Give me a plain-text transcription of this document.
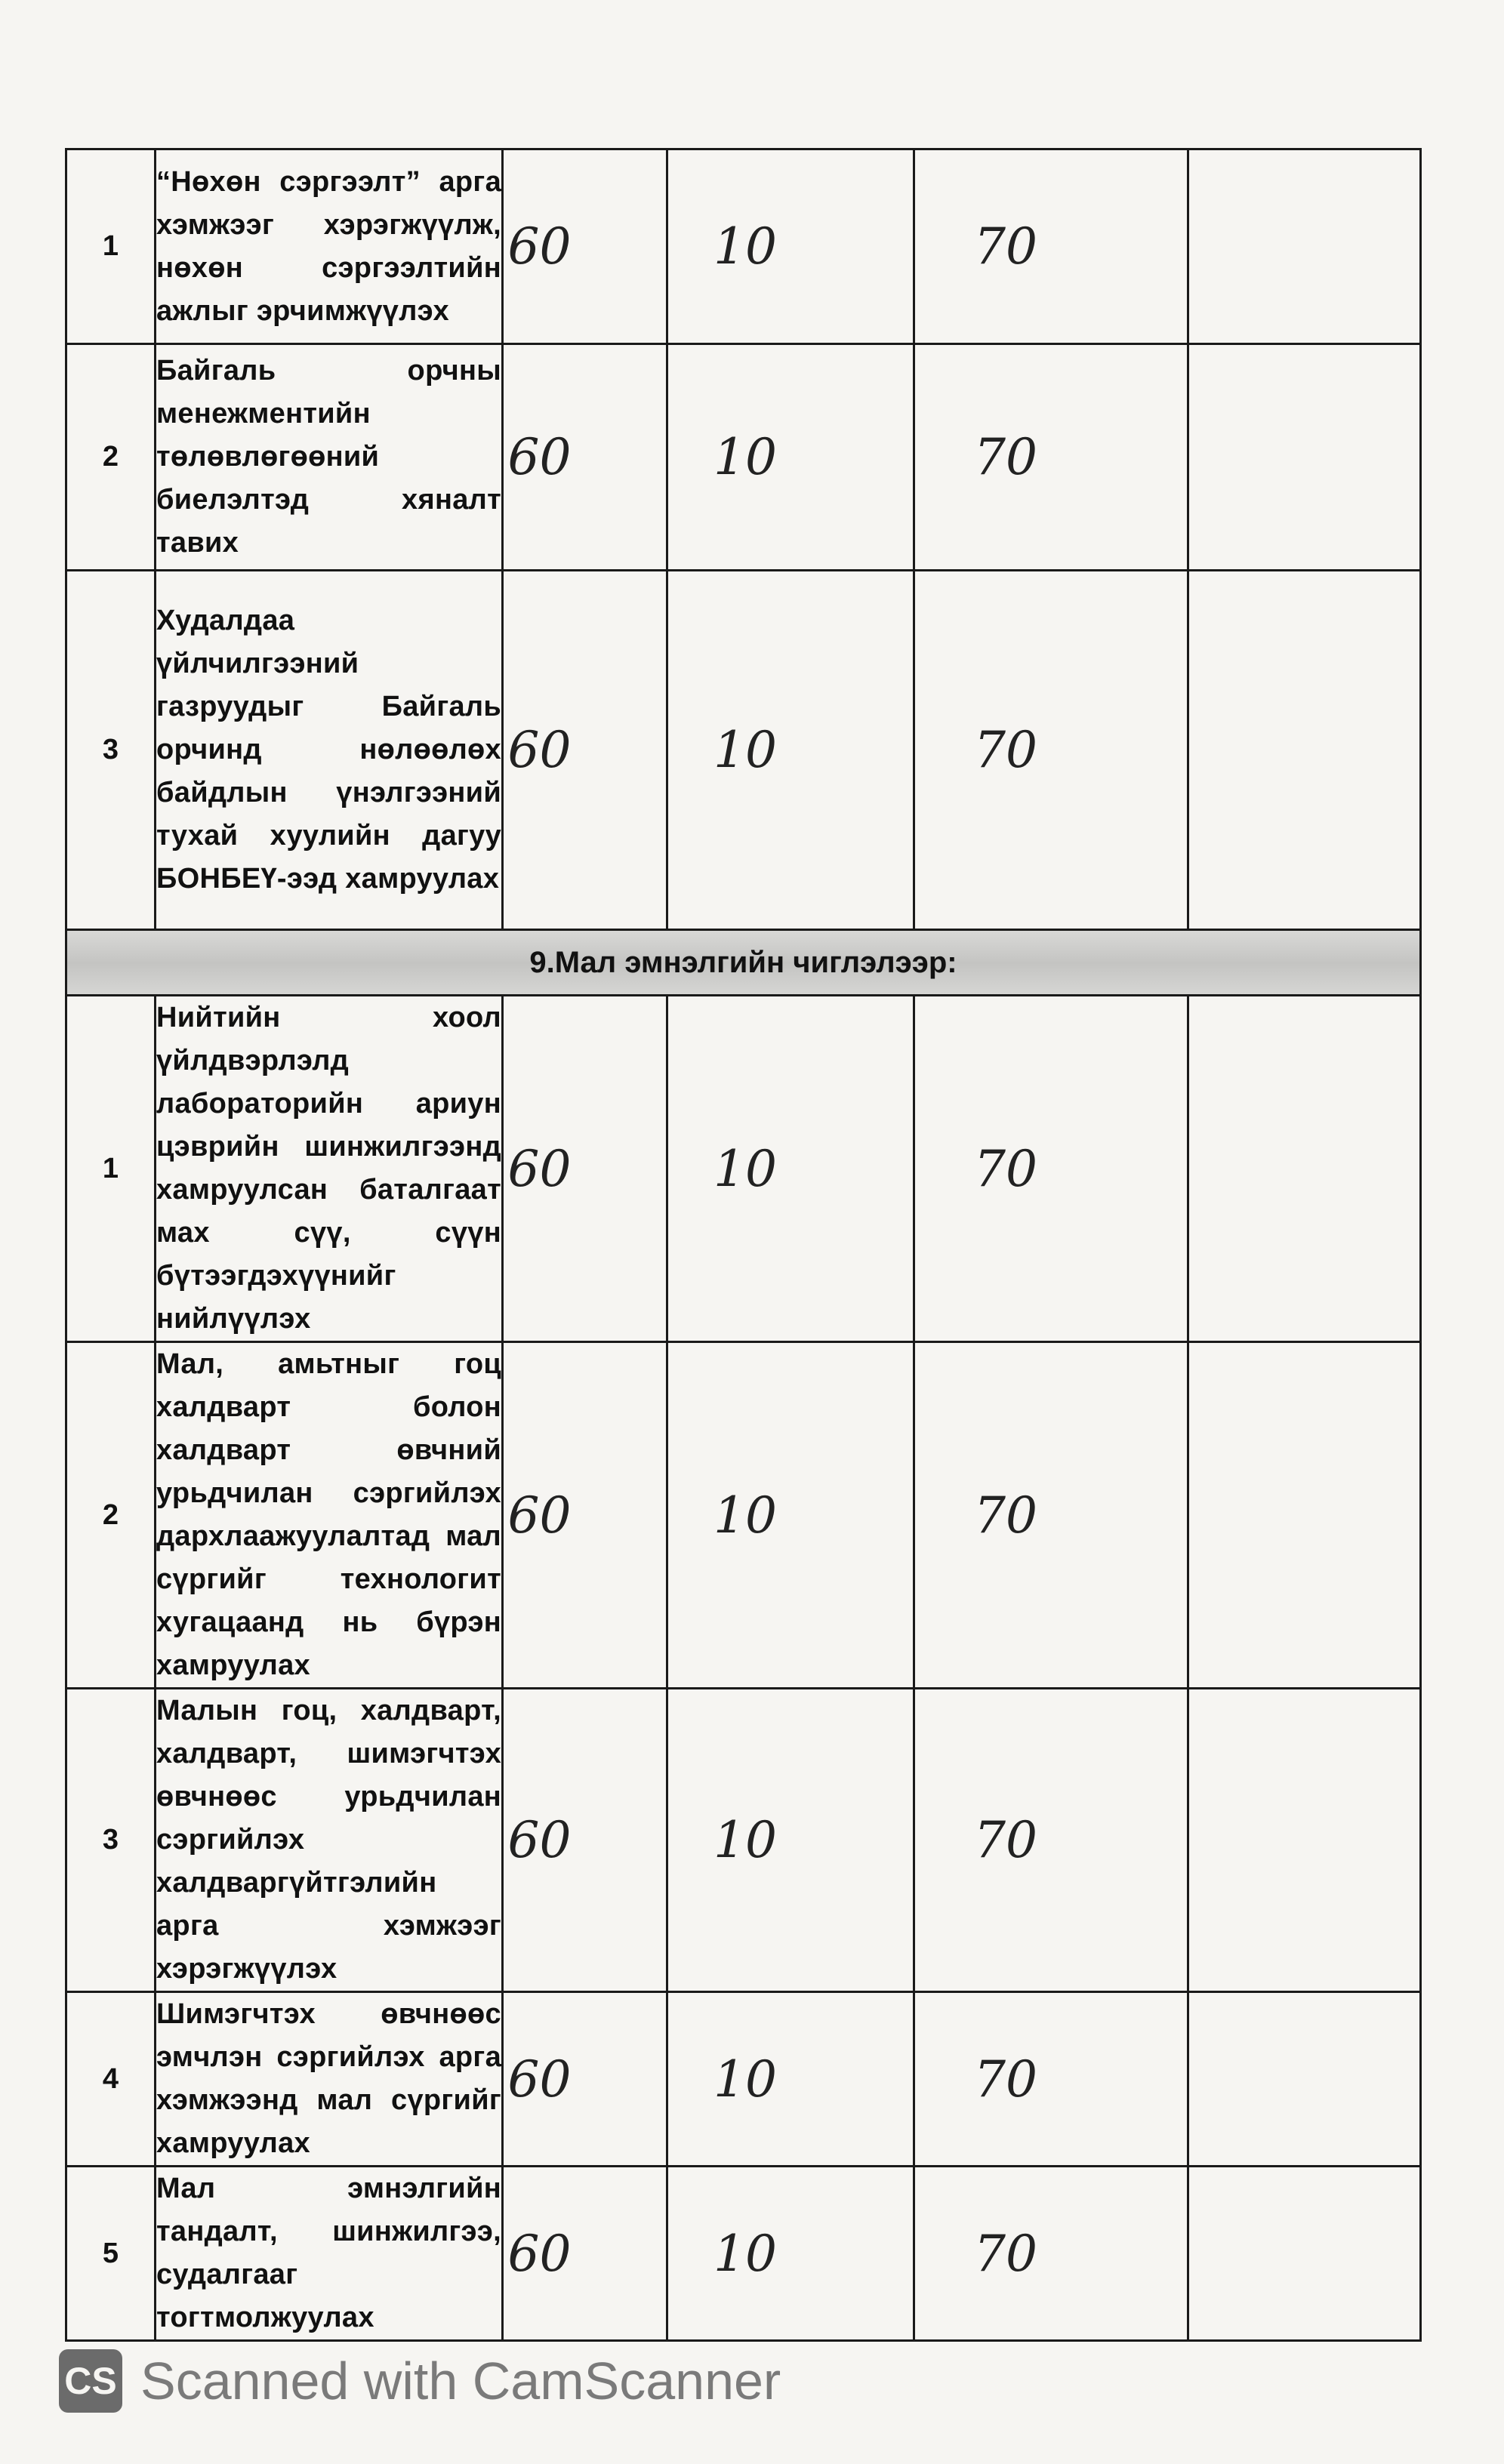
1	“Нөхөн сэргээлт” арга хэмжээг хэрэгжүүлж, нөхөн сэргээлтийн ажлыг эрчимжүүлэх	60	10	70	
2	Байгаль орчны менежментийн төлөвлөгөөний биелэлтэд хяналт тавих	60	10	70	
3	Худалдаа үйлчилгээний газруудыг Байгаль орчинд нөлөөлөх байдлын үнэлгээний тухай хуулийн дагуу БОНБЕҮ-ээд хамруулах	60	10	70	
9.Мал эмнэлгийн чиглэлээр:					
1	Нийтийн хоол үйлдвэрлэлд лабораторийн ариун цэврийн шинжилгээнд хамруулсан баталгаат мах сүү, сүүн бүтээгдэхүүнийг нийлүүлэх	60	10	70	
2	Мал, амьтныг гоц халдварт болон халдварт өвчний урьдчилан сэргийлэх дархлаажуулалтад мал сүргийг технологит хугацаанд нь бүрэн хамруулах	60	10	70	
3	Малын гоц, халдварт, халдварт, шимэгчтэх өвчнөөс урьдчилан сэргийлэх халдваргүйтгэлийн арга хэмжээг хэрэгжүүлэх	60	10	70	
4	Шимэгчтэх өвчнөөс эмчлэн сэргийлэх арга хэмжээнд мал сүргийг хамруулах	60	10	70	
5	Мал эмнэлгийн тандалт, шинжилгээ, судалгааг тогтмолжуулах	60	10	70	
CS Scanned with CamScanner
